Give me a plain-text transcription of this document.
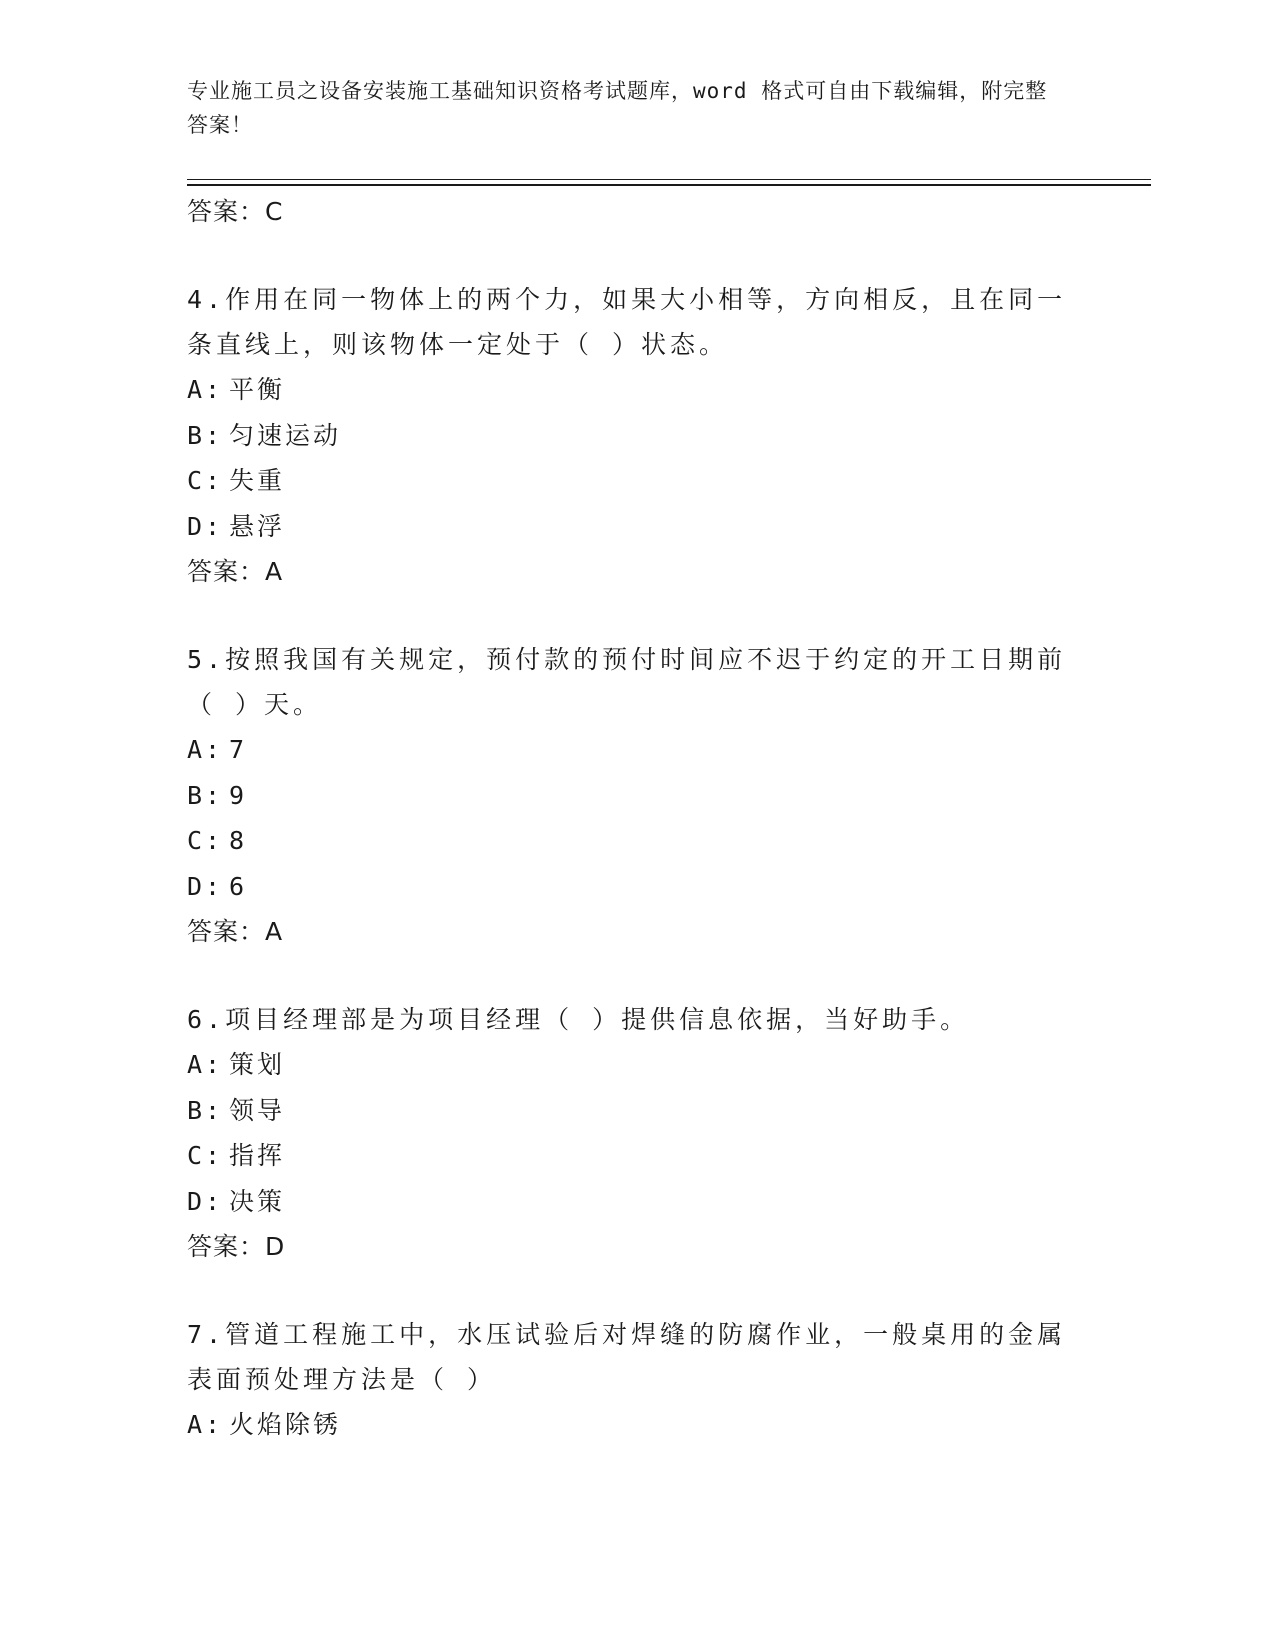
专业施工员之设备安装施工基础知识资格考试题库，word 格式可自由下载编辑，附完整答案！
答案：C
4.作用在同一物体上的两个力，如果大小相等，方向相反，且在同一条直线上，则该物体一定处于（ ）状态。
A: 平衡
B: 匀速运动
C: 失重
D: 悬浮
答案：A
5.按照我国有关规定，预付款的预付时间应不迟于约定的开工日期前（ ）天。
A: 7
B: 9
C: 8
D: 6
答案：A
6.项目经理部是为项目经理（ ）提供信息依据，当好助手。
A: 策划
B: 领导
C: 指挥
D: 决策
答案：D
7.管道工程施工中，水压试验后对焊缝的防腐作业，一般桌用的金属表面预处理方法是（ ）
A: 火焰除锈
